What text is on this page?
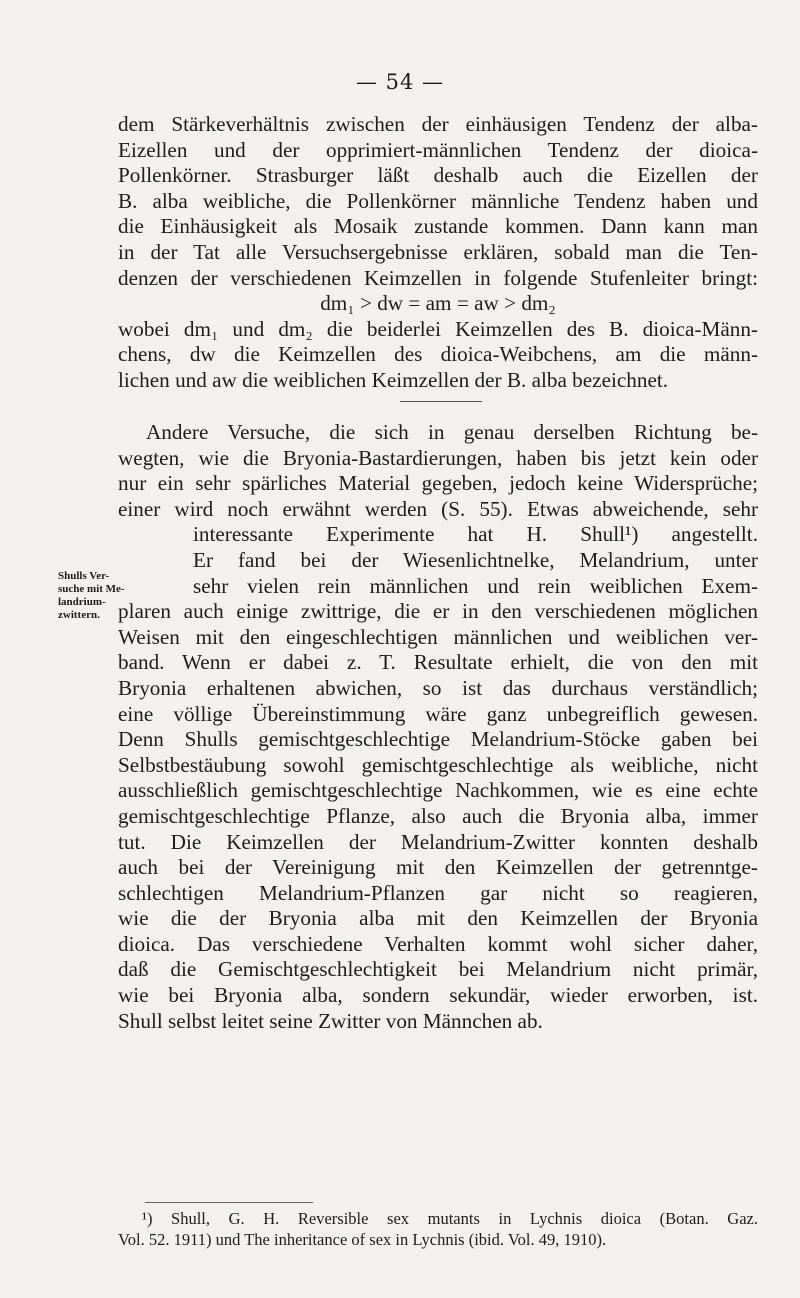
— 54 —
dem Stärkeverhältnis zwischen der einhäusigen Tendenz der alba-
Eizellen und der opprimiert-männlichen Tendenz der dioica-
Pollenkörner. Strasburger läßt deshalb auch die Eizellen der
B. alba weibliche, die Pollenkörner männliche Tendenz haben und
die Einhäusigkeit als Mosaik zustande kommen. Dann kann man
in der Tat alle Versuchsergebnisse erklären, sobald man die Ten-
denzen der verschiedenen Keimzellen in folgende Stufenleiter bringt:
dm₁ > dw = am = aw > dm₂
wobei dm₁ und dm₂ die beiderlei Keimzellen des B. dioica-Männ-
chens, dw die Keimzellen des dioica-Weibchens, am die männ-
lichen und aw die weiblichen Keimzellen der B. alba bezeichnet.
Andere Versuche, die sich in genau derselben Richtung be-
wegten, wie die Bryonia-Bastardierungen, haben bis jetzt kein oder
nur ein sehr spärliches Material gegeben, jedoch keine Widersprüche;
einer wird noch erwähnt werden (S. 55). Etwas abweichende, sehr
interessante Experimente hat H. Shull¹) angestellt.
Er fand bei der Wiesenlichtnelke, Melandrium, unter
sehr vielen rein männlichen und rein weiblichen Exem-
plaren auch einige zwittrige, die er in den verschiedenen möglichen
Weisen mit den eingeschlechtigen männlichen und weiblichen ver-
band. Wenn er dabei z. T. Resultate erhielt, die von den mit
Bryonia erhaltenen abwichen, so ist das durchaus verständlich;
eine völlige Übereinstimmung wäre ganz unbegreiflich gewesen.
Denn Shulls gemischtgeschlechtige Melandrium-Stöcke gaben bei
Selbstbestäubung sowohl gemischtgeschlechtige als weibliche, nicht
ausschließlich gemischtgeschlechtige Nachkommen, wie es eine echte
gemischtgeschlechtige Pflanze, also auch die Bryonia alba, immer
tut. Die Keimzellen der Melandrium-Zwitter konnten deshalb
auch bei der Vereinigung mit den Keimzellen der getrenntge-
schlechtigen Melandrium-Pflanzen gar nicht so reagieren,
wie die der Bryonia alba mit den Keimzellen der Bryonia
dioica. Das verschiedene Verhalten kommt wohl sicher daher,
daß die Gemischtgeschlechtigkeit bei Melandrium nicht primär,
wie bei Bryonia alba, sondern sekundär, wieder erworben, ist.
Shull selbst leitet seine Zwitter von Männchen ab.
Shulls Ver-
suche mit Me-
landrium-
zwittern.
¹) Shull, G. H. Reversible sex mutants in Lychnis dioica (Botan. Gaz.
Vol. 52. 1911) und The inheritance of sex in Lychnis (ibid. Vol. 49, 1910).
